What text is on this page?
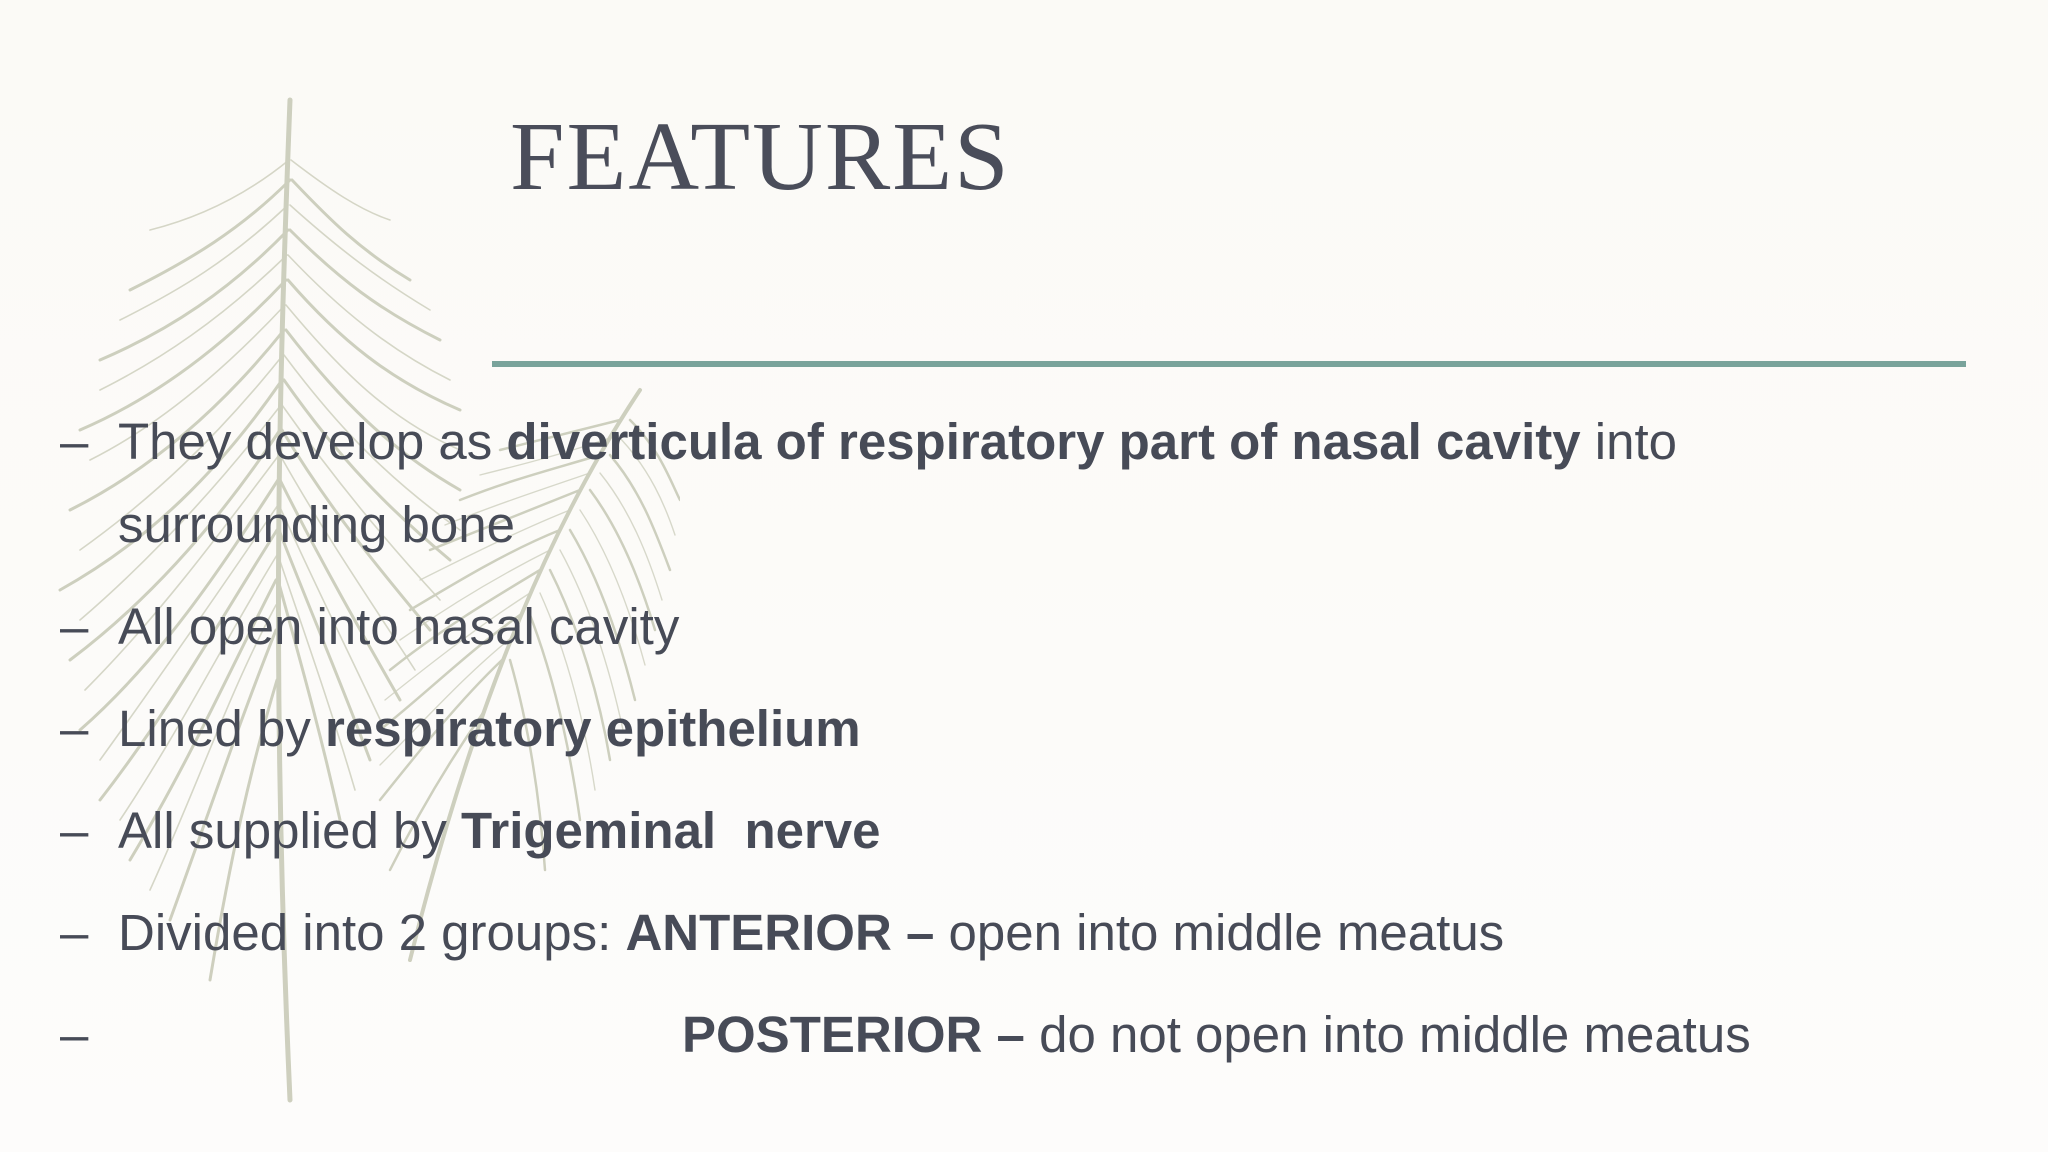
FEATURES
– They develop as diverticula of respiratory part of nasal cavity into surrounding bone
– All open into nasal cavity
– Lined by respiratory epithelium
– All supplied by Trigeminal  nerve
– Divided into 2 groups: ANTERIOR – open into middle meatus
–	POSTERIOR – do not open into middle meatus
